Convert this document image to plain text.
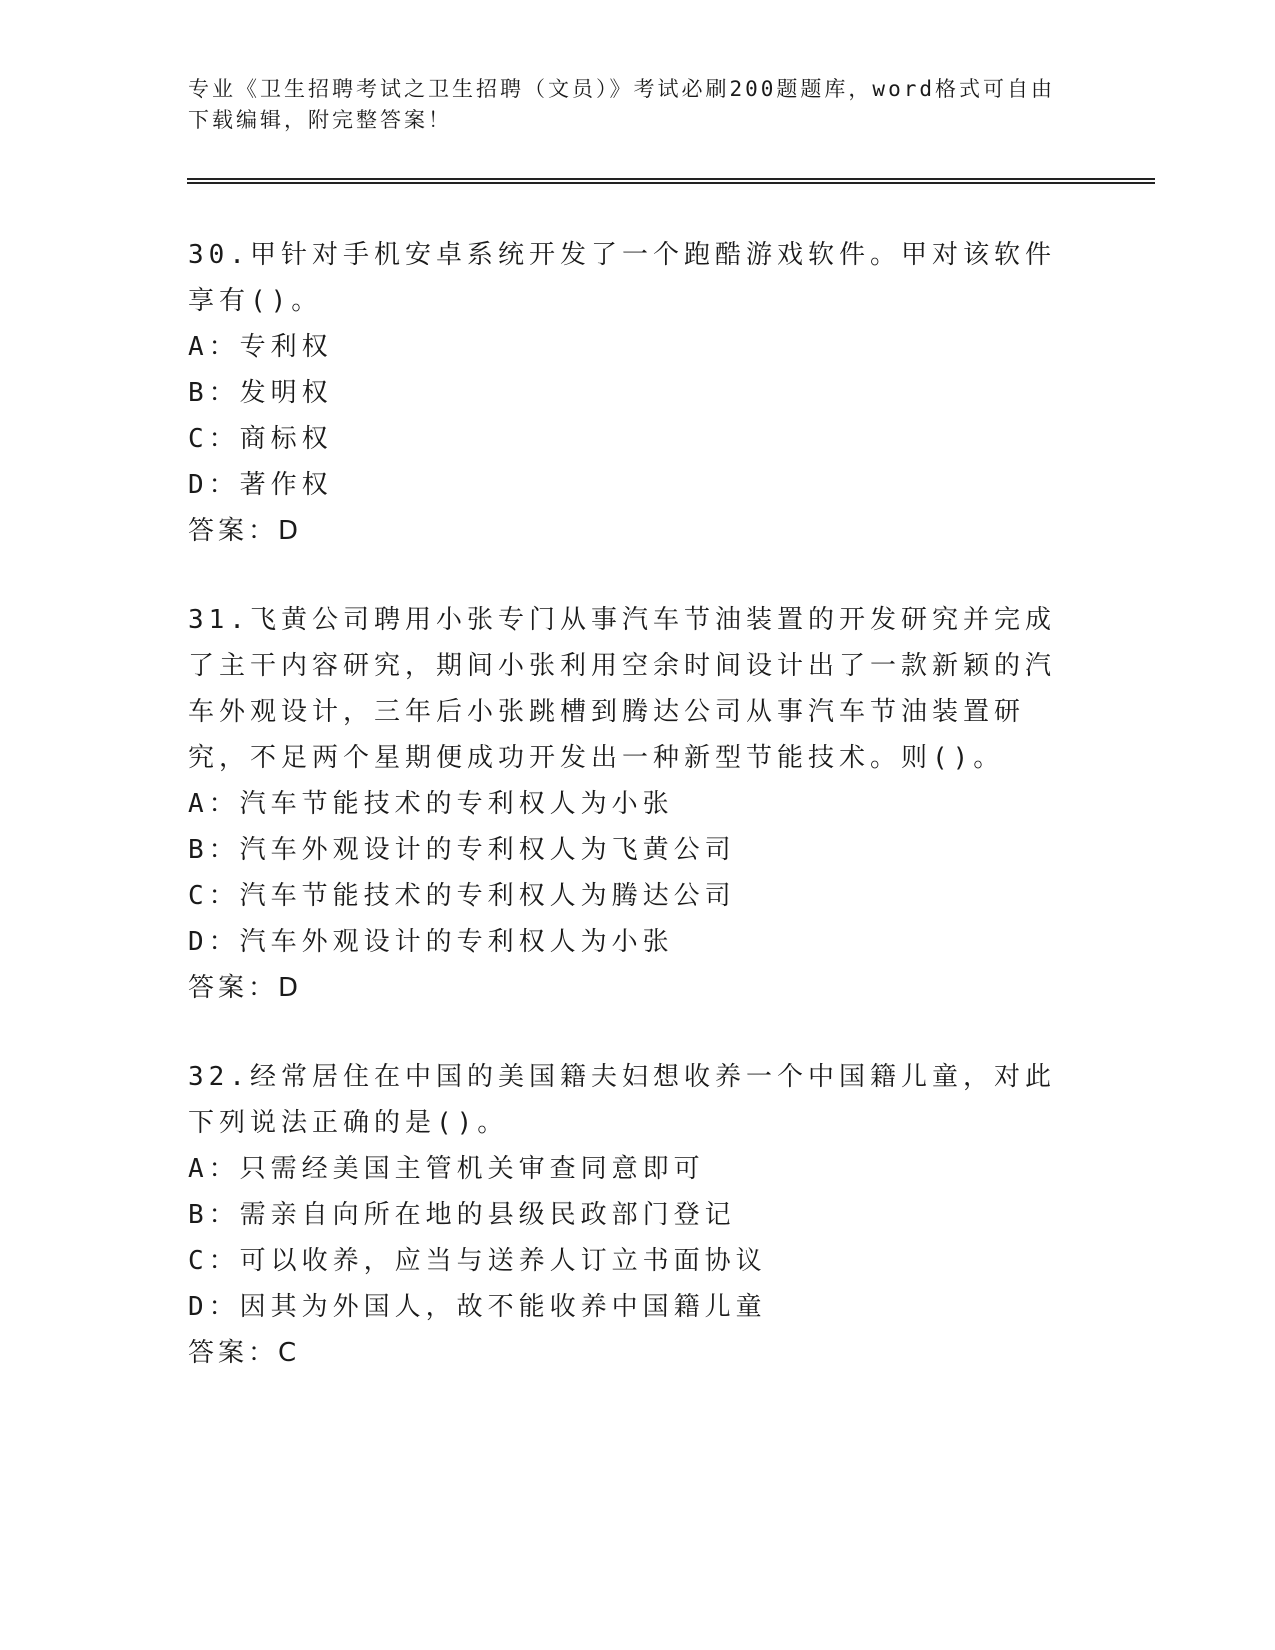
专业《卫生招聘考试之卫生招聘（文员）》考试必刷200题题库，word格式可自由下载编辑，附完整答案！

30.甲针对手机安卓系统开发了一个跑酷游戏软件。甲对该软件享有()。

A：专利权
B：发明权
C：商标权
D：著作权
答案：D

31.飞黄公司聘用小张专门从事汽车节油装置的开发研究并完成了主干内容研究，期间小张利用空余时间设计出了一款新颖的汽车外观设计，三年后小张跳槽到腾达公司从事汽车节油装置研究，不足两个星期便成功开发出一种新型节能技术。则()。

A：汽车节能技术的专利权人为小张
B：汽车外观设计的专利权人为飞黄公司
C：汽车节能技术的专利权人为腾达公司
D：汽车外观设计的专利权人为小张
答案：D

32.经常居住在中国的美国籍夫妇想收养一个中国籍儿童，对此下列说法正确的是()。

A：只需经美国主管机关审查同意即可
B：需亲自向所在地的县级民政部门登记
C：可以收养，应当与送养人订立书面协议
D：因其为外国人，故不能收养中国籍儿童
答案：C
